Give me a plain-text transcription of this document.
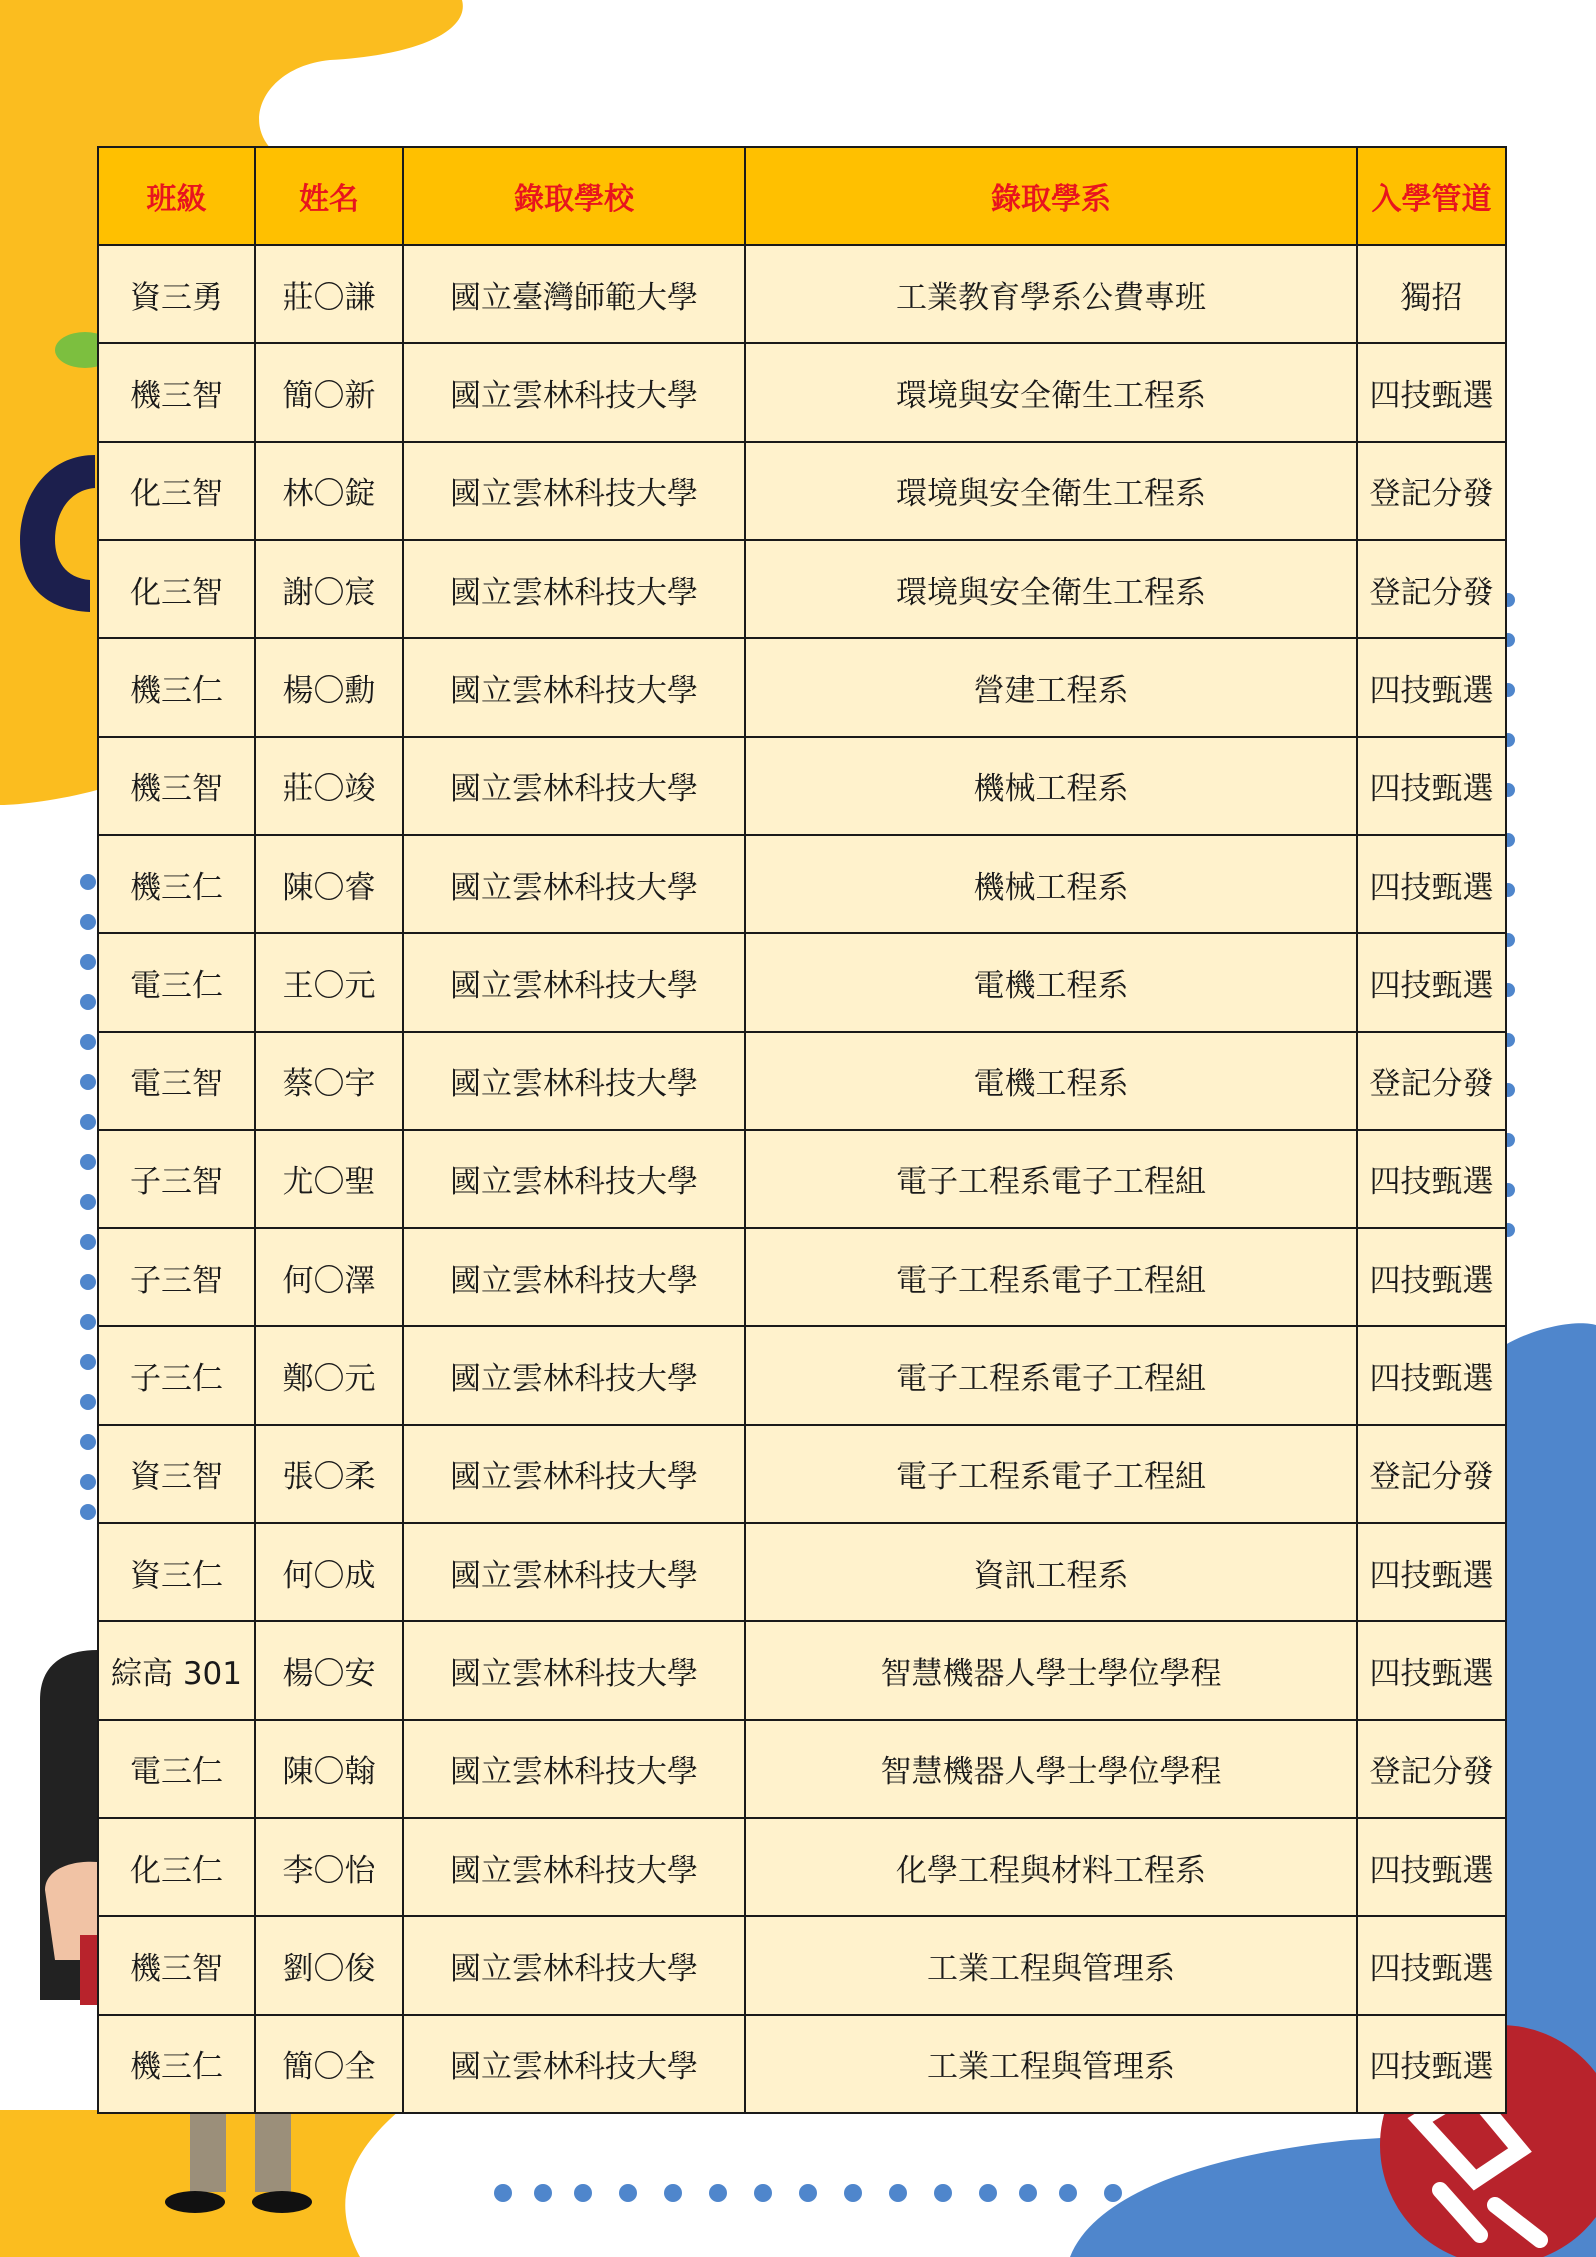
班級	姓名	錄取學校	錄取學系	入學管道
資三勇	莊〇謙	國立臺灣師範大學	工業教育學系公費專班	獨招
機三智	簡〇新	國立雲林科技大學	環境與安全衛生工程系	四技甄選
化三智	林〇錠	國立雲林科技大學	環境與安全衛生工程系	登記分發
化三智	謝〇宸	國立雲林科技大學	環境與安全衛生工程系	登記分發
機三仁	楊〇勳	國立雲林科技大學	營建工程系	四技甄選
機三智	莊〇竣	國立雲林科技大學	機械工程系	四技甄選
機三仁	陳〇睿	國立雲林科技大學	機械工程系	四技甄選
電三仁	王〇元	國立雲林科技大學	電機工程系	四技甄選
電三智	蔡〇宇	國立雲林科技大學	電機工程系	登記分發
子三智	尤〇聖	國立雲林科技大學	電子工程系電子工程組	四技甄選
子三智	何〇澤	國立雲林科技大學	電子工程系電子工程組	四技甄選
子三仁	鄭〇元	國立雲林科技大學	電子工程系電子工程組	四技甄選
資三智	張〇柔	國立雲林科技大學	電子工程系電子工程組	登記分發
資三仁	何〇成	國立雲林科技大學	資訊工程系	四技甄選
綜高 301	楊〇安	國立雲林科技大學	智慧機器人學士學位學程	四技甄選
電三仁	陳〇翰	國立雲林科技大學	智慧機器人學士學位學程	登記分發
化三仁	李〇怡	國立雲林科技大學	化學工程與材料工程系	四技甄選
機三智	劉〇俊	國立雲林科技大學	工業工程與管理系	四技甄選
機三仁	簡〇全	國立雲林科技大學	工業工程與管理系	四技甄選
